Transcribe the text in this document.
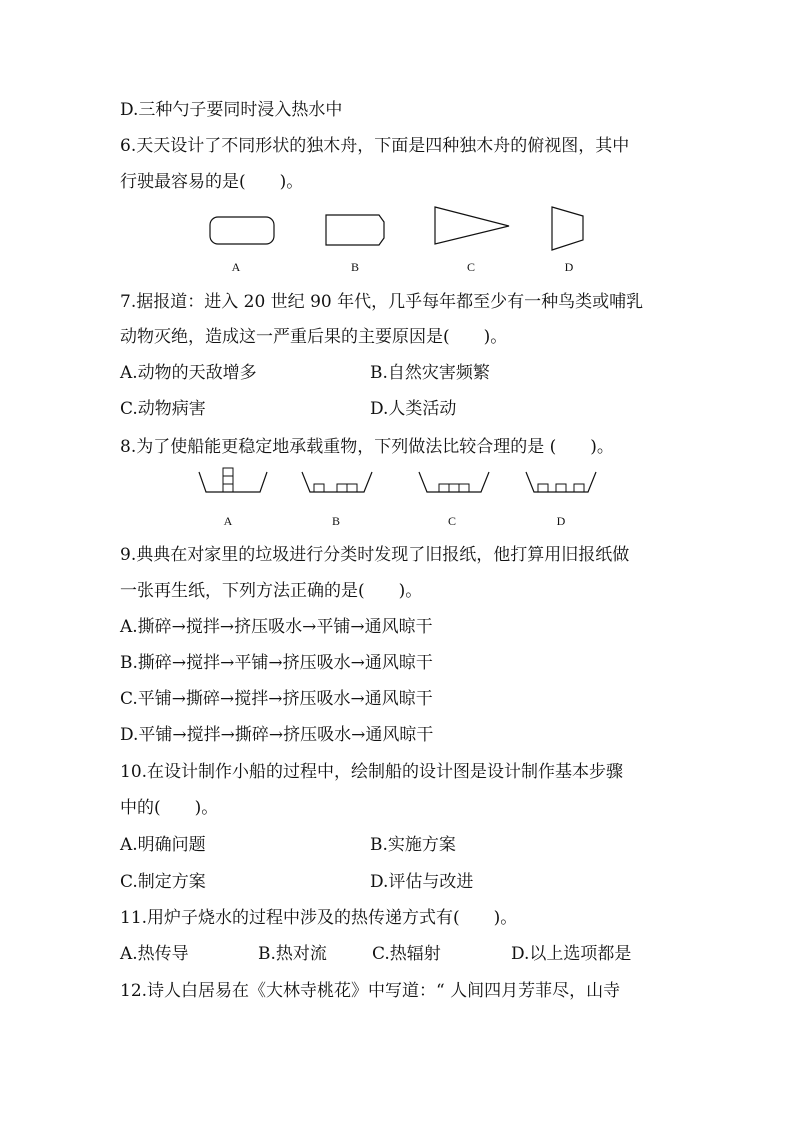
D.三种勺子要同时浸入热水中
6.天天设计了不同形状的独木舟，下面是四种独木舟的俯视图，其中
行驶最容易的是(　　)。
A	B	C	D
7.据报道：进入 20 世纪 90 年代，几乎每年都至少有一种鸟类或哺乳
动物灭绝，造成这一严重后果的主要原因是(　　)。
A.动物的天敌增多	B.自然灾害频繁
C.动物病害	D.人类活动
8.为了使船能更稳定地承载重物，下列做法比较合理的是 (　　)。
A	B	C	D
9.典典在对家里的垃圾进行分类时发现了旧报纸，他打算用旧报纸做
一张再生纸，下列方法正确的是(　　)。
A.撕碎→搅拌→挤压吸水→平铺→通风晾干
B.撕碎→搅拌→平铺→挤压吸水→通风晾干
C.平铺→撕碎→搅拌→挤压吸水→通风晾干
D.平铺→搅拌→撕碎→挤压吸水→通风晾干
10.在设计制作小船的过程中，绘制船的设计图是设计制作基本步骤
中的(　　)。
A.明确问题	B.实施方案
C.制定方案	D.评估与改进
11.用炉子烧水的过程中涉及的热传递方式有(　　)。
A.热传导	B.热对流	C.热辐射	D.以上选项都是
12.诗人白居易在《大林寺桃花》中写道：“ 人间四月芳菲尽，山寺
